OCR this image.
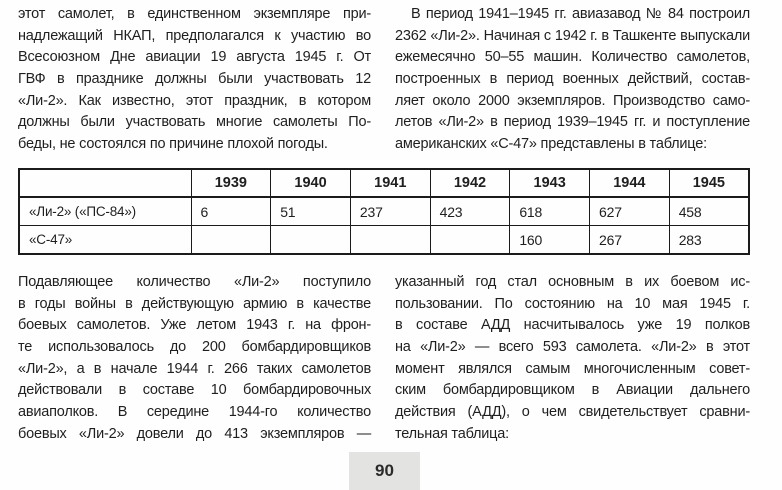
этот самолет, в единственном экземпляре при-
надлежащий НКАП, предполагался к участию во
Всесоюзном Дне авиации 19 августа 1945 г. От
ГВФ в празднике должны были участвовать 12
«Ли-2». Как известно, этот праздник, в котором
должны были участвовать многие самолеты По-
беды, не состоялся по причине плохой погоды.
В период 1941–1945 гг. авиазавод № 84 построил
2362 «Ли-2». Начиная с 1942 г. в Ташкенте выпускали
ежемесячно 50–55 машин. Количество самолетов,
построенных в период военных действий, состав-
ляет около 2000 экземпляров. Производство само-
летов «Ли-2» в период 1939–1945 гг. и поступление
американских «С-47» представлены в таблице:
	1939	1940	1941	1942	1943	1944	1945
«Ли-2» («ПС-84»)	6	51	237	423	618	627	458
«С-47»					160	267	283
Подавляющее количество «Ли-2» поступило
в годы войны в действующую армию в качестве
боевых самолетов. Уже летом 1943 г. на фрон-
те использовалось до 200 бомбардировщиков
«Ли-2», а в начале 1944 г. 266 таких самолетов
действовали в составе 10 бомбардировочных
авиаполков. В середине 1944-го количество
боевых «Ли-2» довели до 413 экземпляров —
указанный год стал основным в их боевом ис-
пользовании. По состоянию на 10 мая 1945 г.
в составе АДД насчитывалось уже 19 полков
на «Ли-2» — всего 593 самолета. «Ли-2» в этот
момент являлся самым многочисленным совет-
ским бомбардировщиком в Авиации дальнего
действия (АДД), о чем свидетельствует сравни-
тельная таблица:
90
